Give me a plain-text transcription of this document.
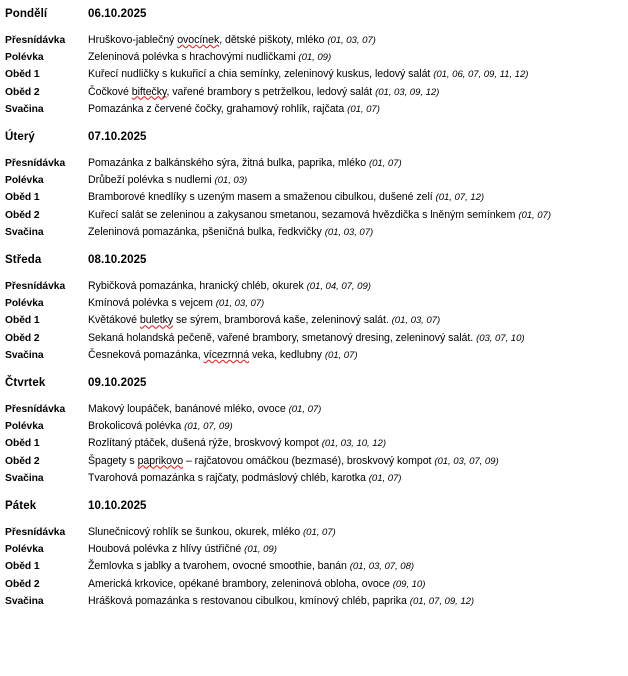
Pondělí	06.10.2025
Přesnídávka	Hruškovo-jablečný ovocínek, dětské piškoty, mléko (01, 03, 07)
Polévka	Zeleninová polévka s hrachovými nudličkami (01, 09)
Oběd 1	Kuřecí nudličky s kukuřicí a chia semínky, zeleninový kuskus, ledový salát (01, 06, 07, 09, 11, 12)
Oběd 2	Čočkové biftečky, vařené brambory s petrželkou, ledový salát (01, 03, 09, 12)
Svačina	Pomazánka z červené čočky, grahamový rohlík, rajčata (01, 07)
Úterý	07.10.2025
Přesnídávka	Pomazánka z balkánského sýra, žitná bulka, paprika, mléko (01, 07)
Polévka	Drůbeží polévka s nudlemi (01, 03)
Oběd 1	Bramborové knedlíky s uzeným masem a smaženou cibulkou, dušené zelí (01, 07, 12)
Oběd 2	Kuřecí salát se zeleninou a zakysanou smetanou, sezamová hvězdička s lněným semínkem (01, 07)
Svačina	Zeleninová pomazánka, pšeničná bulka, ředkvičky (01, 03, 07)
Středa	08.10.2025
Přesnídávka	Rybičková pomazánka, hranický chléb, okurek (01, 04, 07, 09)
Polévka	Kmínová polévka s vejcem (01, 03, 07)
Oběd 1	Květákové buletky se sýrem, bramborová kaše, zeleninový salát. (01, 03, 07)
Oběd 2	Sekaná holandská pečeně, vařené brambory, smetanový dresing, zeleninový salát. (03, 07, 10)
Svačina	Česneková pomazánka, vícezrnná veka, kedlubny (01, 07)
Čtvrtek	09.10.2025
Přesnídávka	Makový loupáček, banánové mléko, ovoce (01, 07)
Polévka	Brokolicová polévka (01, 07, 09)
Oběd 1	Rozlítaný ptáček, dušená rýže, broskvový kompot (01, 03, 10, 12)
Oběd 2	Špagety s paprikovo – rajčatovou omáčkou (bezmasé), broskvový kompot (01, 03, 07, 09)
Svačina	Tvarohová pomazánka s rajčaty, podmáslový chléb, karotka (01, 07)
Pátek	10.10.2025
Přesnídávka	Slunečnicový rohlík se šunkou, okurek, mléko (01, 07)
Polévka	Houbová polévka z hlívy ústřičné (01, 09)
Oběd 1	Žemlovka s jablky a tvarohem, ovocné smoothie, banán (01, 03, 07, 08)
Oběd 2	Americká krkovice, opékané brambory, zeleninová obloha, ovoce (09, 10)
Svačina	Hrášková pomazánka s restovanou cibulkou, kmínový chléb, paprika (01, 07, 09, 12)
